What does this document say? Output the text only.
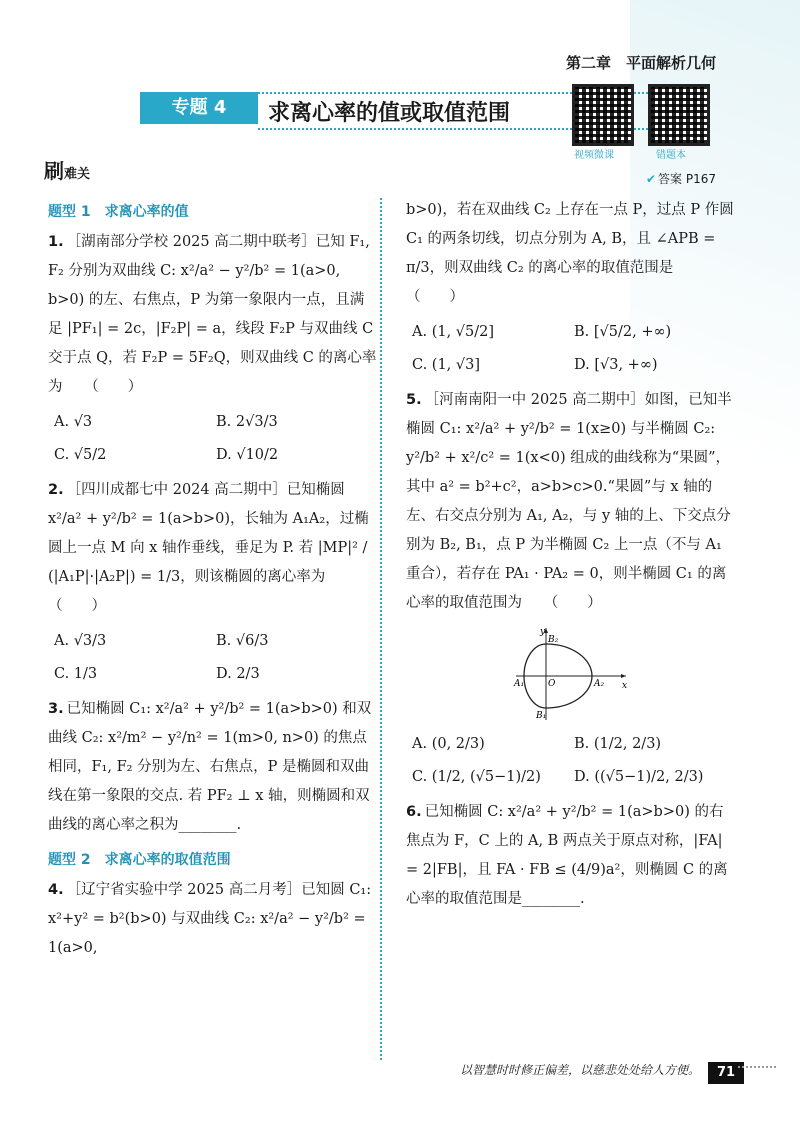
第二章　平面解析几何
专题 4	求离心率的值或取值范围
视频微课	错题本
刷难关	✔ 答案 P167
题型 1　求离心率的值
1. ［湖南部分学校 2025 高二期中联考］已知 F₁, F₂ 分别为双曲线 C: x²/a² − y²/b² = 1(a>0, b>0) 的左、右焦点，P 为第一象限内一点，且满足 |PF₁| = 2c，|F₂P| = a，线段 F₂P 与双曲线 C 交于点 Q，若 F₂P = 5F₂Q，则双曲线 C 的离心率为　　（　　）
A. √3	B. 2√3/3
C. √5/2	D. √10/2
2. ［四川成都七中 2024 高二期中］已知椭圆 x²/a² + y²/b² = 1(a>b>0)，长轴为 A₁A₂，过椭圆上一点 M 向 x 轴作垂线，垂足为 P. 若 |MP|² / (|A₁P|·|A₂P|) = 1/3，则该椭圆的离心率为　　（　　）
A. √3/3	B. √6/3
C. 1/3	D. 2/3
3. 已知椭圆 C₁: x²/a² + y²/b² = 1(a>b>0) 和双曲线 C₂: x²/m² − y²/n² = 1(m>0, n>0) 的焦点相同，F₁, F₂ 分别为左、右焦点，P 是椭圆和双曲线在第一象限的交点. 若 PF₂ ⊥ x 轴，则椭圆和双曲线的离心率之积为________.
题型 2　求离心率的取值范围
4. ［辽宁省实验中学 2025 高二月考］已知圆 C₁: x²+y² = b²(b>0) 与双曲线 C₂: x²/a² − y²/b² = 1(a>0,
b>0)，若在双曲线 C₂ 上存在一点 P，过点 P 作圆 C₁ 的两条切线，切点分别为 A, B，且 ∠APB = π/3，则双曲线 C₂ 的离心率的取值范围是　　（　　）
A. (1, √5/2]	B. [√5/2, +∞)
C. (1, √3]	D. [√3, +∞)
5. ［河南南阳一中 2025 高二期中］如图，已知半椭圆 C₁: x²/a² + y²/b² = 1(x≥0) 与半椭圆 C₂: y²/b² + x²/c² = 1(x<0) 组成的曲线称为“果圆”，其中 a² = b²+c²，a>b>c>0.“果圆”与 x 轴的左、右交点分别为 A₁, A₂，与 y 轴的上、下交点分别为 B₂, B₁，点 P 为半椭圆 C₂ 上一点（不与 A₁ 重合），若存在 PA₁ · PA₂ = 0，则半椭圆 C₁ 的离心率的取值范围为　　（　　）
y
x
O
A₁	A₂
B₂
B₁
A. (0, 2/3)	B. (1/2, 2/3)
C. (1/2, (√5−1)/2)	D. ((√5−1)/2, 2/3)
6. 已知椭圆 C: x²/a² + y²/b² = 1(a>b>0) 的右焦点为 F，C 上的 A, B 两点关于原点对称，|FA| = 2|FB|，且 FA · FB ≤ (4/9)a²，则椭圆 C 的离心率的取值范围是________.
以智慧时时修正偏差，以慈悲处处给人方便。	71
